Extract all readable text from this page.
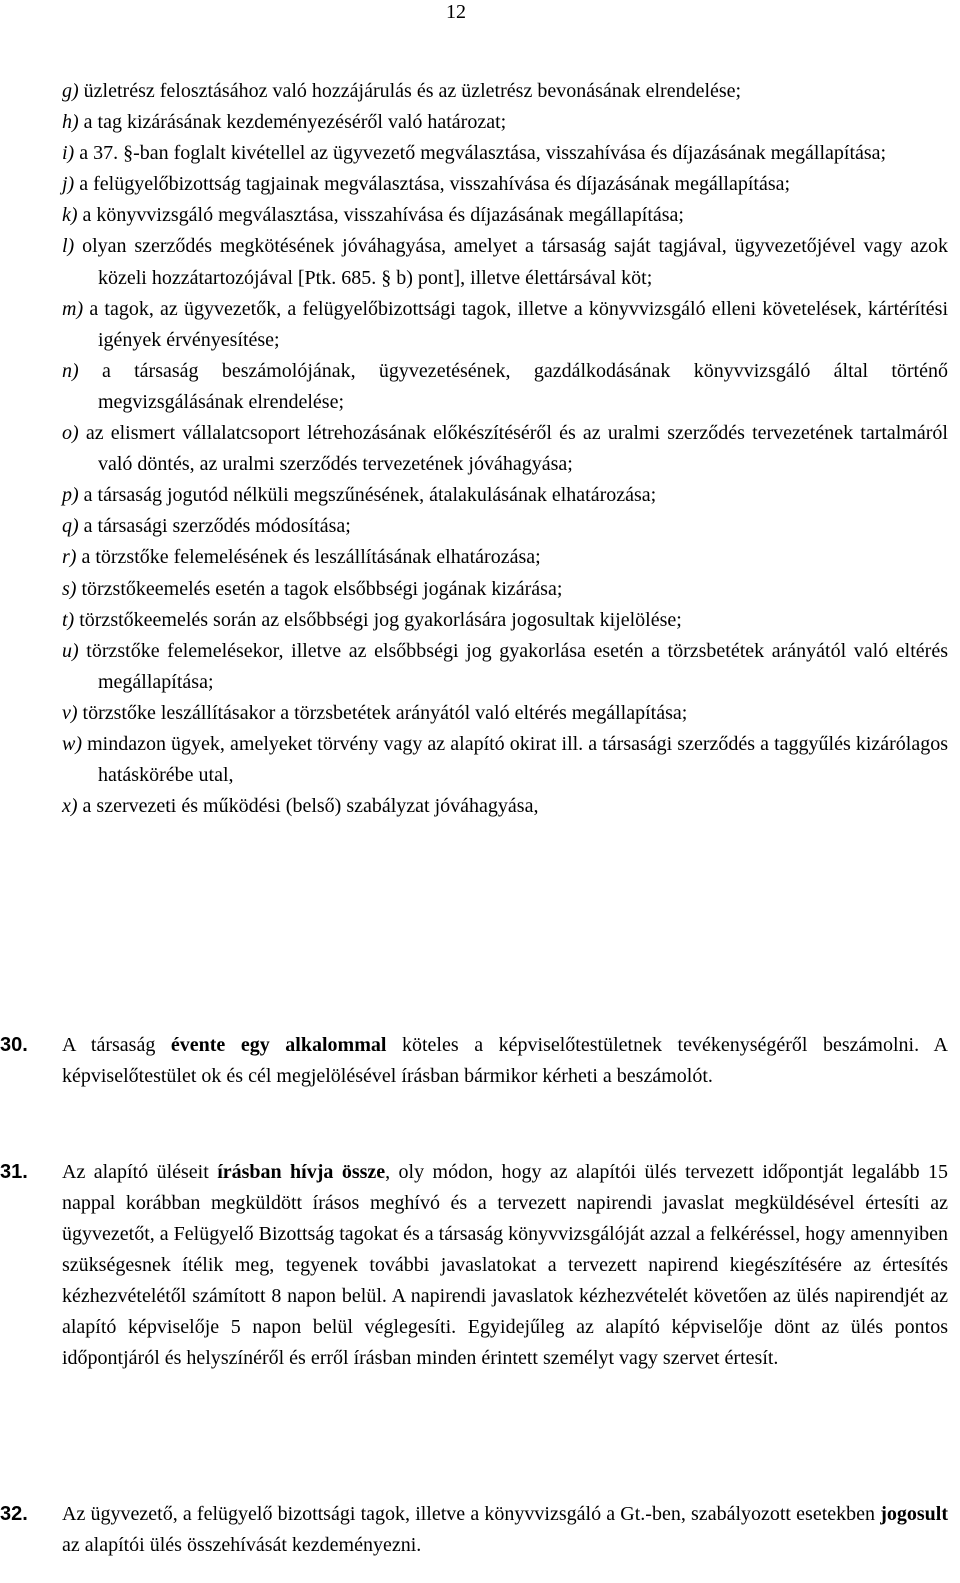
12
g) üzletrész felosztásához való hozzájárulás és az üzletrész bevonásának elrendelése;
h) a tag kizárásának kezdeményezéséről való határozat;
i) a 37. §-ban foglalt kivétellel az ügyvezető megválasztása, visszahívása és díjazásának megállapítása;
j) a felügyelőbizottság tagjainak megválasztása, visszahívása és díjazásának megállapítása;
k) a könyvvizsgáló megválasztása, visszahívása és díjazásának megállapítása;
l) olyan szerződés megkötésének jóváhagyása, amelyet a társaság saját tagjával, ügyvezetőjével vagy azok közeli hozzátartozójával [Ptk. 685. § b) pont], illetve élettársával köt;
m) a tagok, az ügyvezetők, a felügyelőbizottsági tagok, illetve a könyvvizsgáló elleni követelések, kártérítési igények érvényesítése;
n) a társaság beszámolójának, ügyvezetésének, gazdálkodásának könyvvizsgáló által történő megvizsgálásának elrendelése;
o) az elismert vállalatcsoport létrehozásának előkészítéséről és az uralmi szerződés tervezetének tartalmáról való döntés, az uralmi szerződés tervezetének jóváhagyása;
p) a társaság jogutód nélküli megszűnésének, átalakulásának elhatározása;
q) a társasági szerződés módosítása;
r) a törzstőke felemelésének és leszállításának elhatározása;
s) törzstőkeemelés esetén a tagok elsőbbségi jogának kizárása;
t) törzstőkeemelés során az elsőbbségi jog gyakorlására jogosultak kijelölése;
u) törzstőke felemelésekor, illetve az elsőbbségi jog gyakorlása esetén a törzsbetétek arányától való eltérés megállapítása;
v) törzstőke leszállításakor a törzsbetétek arányától való eltérés megállapítása;
w) mindazon ügyek, amelyeket törvény vagy az alapító okirat ill. a társasági szerződés a taggyűlés kizárólagos hatáskörébe utal,
x) a szervezeti és működési (belső) szabályzat jóváhagyása,
30.	A társaság évente egy alkalommal köteles a képviselőtestületnek tevékenységéről beszámolni. A képviselőtestület ok és cél megjelölésével írásban bármikor kérheti a beszámolót.
31.	Az alapító üléseit írásban hívja össze, oly módon, hogy az alapítói ülés tervezett időpontját legalább 15 nappal korábban megküldött írásos meghívó és a tervezett napirendi javaslat megküldésével értesíti az ügyvezetőt, a Felügyelő Bizottság tagokat és a társaság könyvvizsgálóját azzal a felkéréssel, hogy amennyiben szükségesnek ítélik meg, tegyenek további javaslatokat a tervezett napirend kiegészítésére az értesítés kézhezvételétől számított 8 napon belül. A napirendi javaslatok kézhezvételét követően az ülés napirendjét az alapító képviselője 5 napon belül véglegesíti. Egyidejűleg az alapító képviselője dönt az ülés pontos időpontjáról és helyszínéről és erről írásban minden érintett személyt vagy szervet értesít.
32.	Az ügyvezető, a felügyelő bizottsági tagok, illetve a könyvvizsgáló a Gt.-ben, szabályozott esetekben jogosult az alapítói ülés összehívását kezdeményezni.
